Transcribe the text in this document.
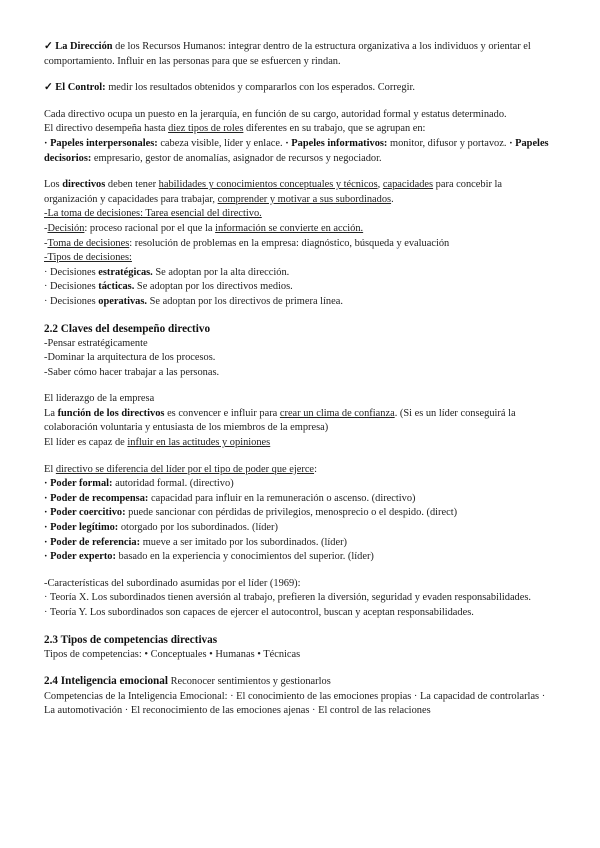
✓ La Dirección de los Recursos Humanos: integrar dentro de la estructura organizativa a los individuos y orientar el comportamiento. Influir en las personas para que se esfuercen y rindan.

✓ El Control: medir los resultados obtenidos y compararlos con los esperados. Corregir.

Cada directivo ocupa un puesto en la jerarquía, en función de su cargo, autoridad formal y estatus determinado.

El directivo desempeña hasta diez tipos de roles diferentes en su trabajo, que se agrupan en:

· Papeles interpersonales: cabeza visible, líder y enlace. · Papeles informativos: monitor, difusor y portavoz. · Papeles decisorios: empresario, gestor de anomalías, asignador de recursos y negociador.

Los directivos deben tener habilidades y conocimientos conceptuales y técnicos, capacidades para concebir la organización y capacidades para trabajar, comprender y motivar a sus subordinados.

-La toma de decisiones: Tarea esencial del directivo.

-Decisión: proceso racional por el que la información se convierte en acción.

-Toma de decisiones: resolución de problemas en la empresa: diagnóstico, búsqueda y evaluación

-Tipos de decisiones:

· Decisiones estratégicas. Se adoptan por la alta dirección.

· Decisiones tácticas. Se adoptan por los directivos medios.

· Decisiones operativas. Se adoptan por los directivos de primera línea.

2.2 Claves del desempeño directivo

-Pensar estratégicamente

-Dominar la arquitectura de los procesos.

-Saber cómo hacer trabajar a las personas.

El liderazgo de la empresa

La función de los directivos es convencer e influir para crear un clima de confianza. (Si es un líder conseguirá la colaboración voluntaria y entusiasta de los miembros de la empresa)

El líder es capaz de influir en las actitudes y opiniones

El directivo se diferencia del líder por el tipo de poder que ejerce:

· Poder formal: autoridad formal. (directivo)

· Poder de recompensa: capacidad para influir en la remuneración o ascenso. (directivo)

· Poder coercitivo: puede sancionar con pérdidas de privilegios, menosprecio o el despido. (direct)

· Poder legítimo: otorgado por los subordinados. (líder)

· Poder de referencia: mueve a ser imitado por los subordinados. (líder)

· Poder experto: basado en la experiencia y conocimientos del superior. (líder)

-Características del subordinado asumidas por el líder (1969):

· Teoría X. Los subordinados tienen aversión al trabajo, prefieren la diversión, seguridad y evaden responsabilidades.

· Teoría Y. Los subordinados son capaces de ejercer el autocontrol, buscan y aceptan responsabilidades.

2.3 Tipos de competencias directivas

Tipos de competencias: • Conceptuales • Humanas • Técnicas

2.4 Inteligencia emocional Reconocer sentimientos y gestionarlos

Competencias de la Inteligencia Emocional: · El conocimiento de las emociones propias · La capacidad de controlarlas · La automotivación · El reconocimiento de las emociones ajenas · El control de las relaciones
